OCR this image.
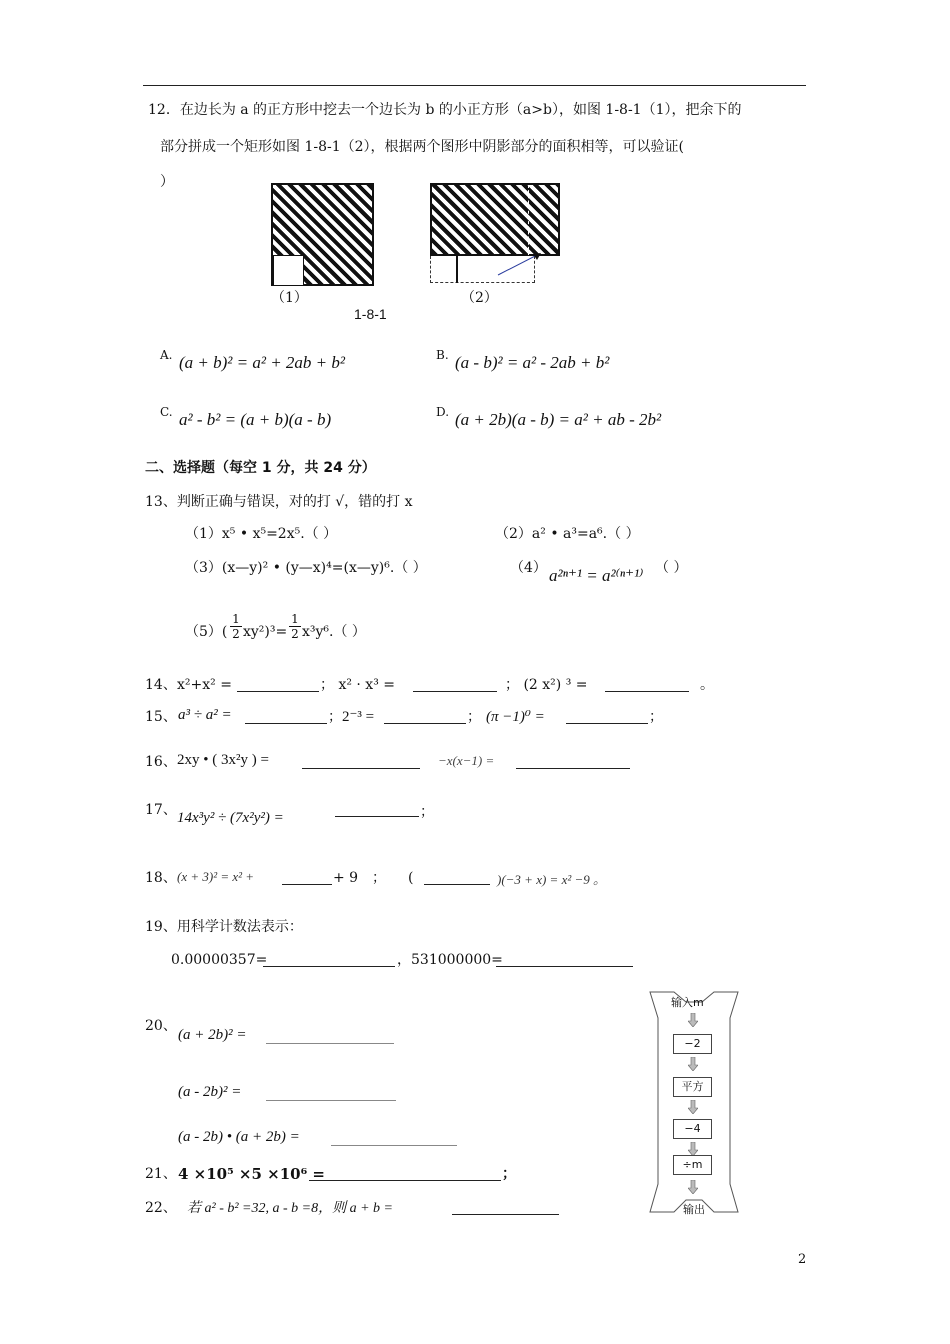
12．在边长为 a 的正方形中挖去一个边长为 b 的小正方形（a>b），如图 1-8-1（1），把余下的
部分拼成一个矩形如图 1-8-1（2），根据两个图形中阴影部分的面积相等，可以验证(
）
（1）	（2）
1-8-1
A. (a + b)² = a² + 2ab + b²	B. (a - b)² = a² - 2ab + b²
C. a² - b² = (a + b)(a - b)	D. (a + 2b)(a - b) = a² + ab - 2b²
二、选择题（每空 1 分，共 24 分）
13、判断正确与错误，对的打 √，错的打 x
（1）x⁵ • x⁵=2x⁵.（ ）	（2）a² • a³=a⁶.（ ）
（3）(x—y)² • (y—x)⁴=(x—y)⁶.（ ）	（4） a²ⁿ⁺¹ = a²⁽ⁿ⁺¹⁾ （ ）
$(5)( \frac{1}{2} xy^2)^3= \frac{1}{2} x^3y^6$.（ ）
14、 x²+x² =	； x² · x³ =	； (2 x²) ³ =	。
15、 a³ ÷ a² =	； 2⁻³ =	； (π −1)⁰ =	；
16、 2xy • ( 3x²y ) =	−x(x−1) =
17、 14x³y² ÷ (7x²y²) =	；
18、 (x + 3)² = x² +	+ 9 ； (	)(−3 + x) = x² −9 。
19、用科学计数法表示：
0.00000357=	，531000000=
20、
(a + 2b)² =
(a - 2b)² =
(a - 2b) • (a + 2b) =
21、 4 ×10⁵ ×5 ×10⁶ =	；
22、 若 a² - b² =32, a - b =8，则 a + b =
输入m
−2
平方
−4
÷m
输出
2
